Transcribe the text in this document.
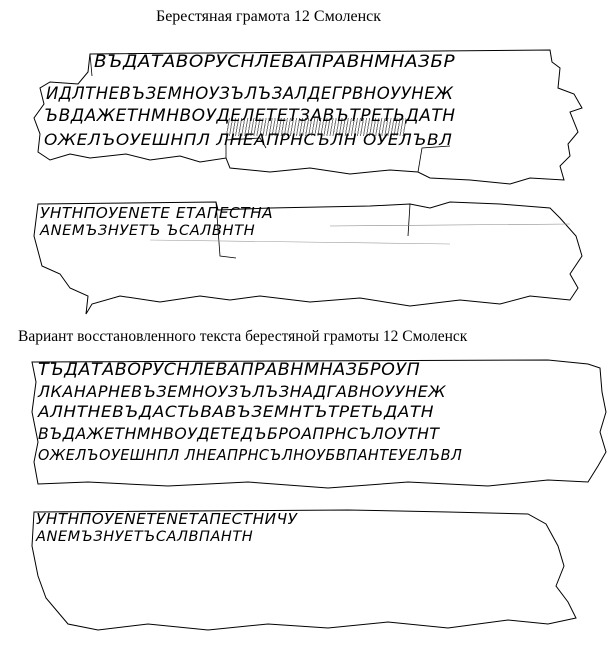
Берестяная грамота 12 Смоленск
ВЪДАТАВОРУСНЛЕВАПРАВНМНАЗБР
ИДЛТНЕВЪЗЕМНОУЗЪЛЪЗАЛДЕГРВНОУУНЕЖ
ЪВДАЖЕТНМНВОУДЕЛЕТЕТЗАВЪТРЕТЬДАТН
ОЖЕЛЪОУЕШНПЛ ЛНЕАПРНСЪЛН ОУЕЛЪВЛ
УНТНПОУЕNЕТЕ ЕТАПЕСТНА
АNЕМЪЗНУЕТЪ ЪСАЛВНТН
Вариант восстановленного текста берестяной грамоты 12 Смоленск
ТЪДАТАВОРУСНЛЕВАПРАВНМНАЗБРОУП
ЛКАНАРНЕВЪЗЕМНОУЗЪЛЪЗНАДГАВНОУУНЕЖ
АЛНТНЕВЪДАСТЬВАВЪЗЕМНТЪТРЕТЬДАТН
ВЪДАЖЕТНМНВОУДЕТЕДЪБРОАПРНСЪЛОУТНТ
ОЖЕЛЪОУЕШНПЛ ЛНЕАПРНСЪЛНОУБВПАНТЕУЕЛЪВЛ
УНТНПОУЕNЕТЕNЕТАПЕСТНИЧУ
АNЕМЪЗНУЕТЪСАЛВПАНТН
